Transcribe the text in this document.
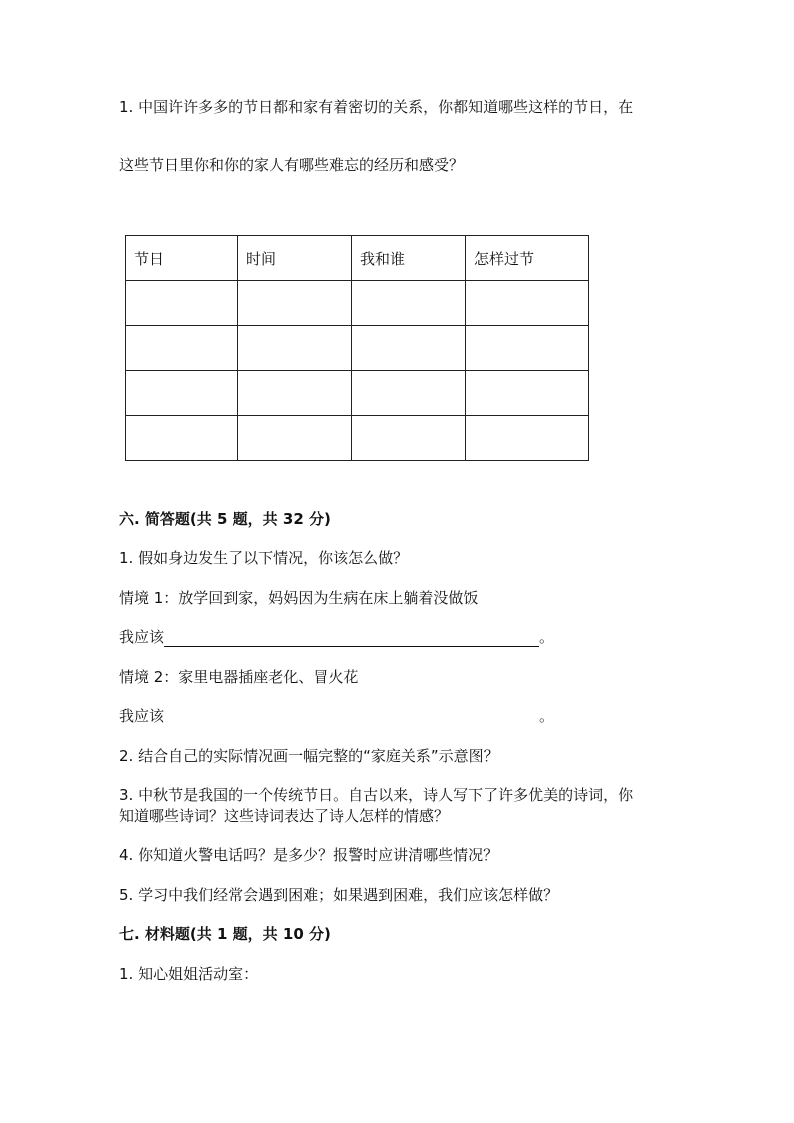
1. 中国许许多多的节日都和家有着密切的关系，你都知道哪些这样的节日，在
这些节日里你和你的家人有哪些难忘的经历和感受？
节日	时间	我和谁	怎样过节

六. 简答题(共 5 题，共 32 分)
1. 假如身边发生了以下情况，你该怎么做？
情境 1：放学回到家，妈妈因为生病在床上躺着没做饭
我应该	。
情境 2：家里电器插座老化、冒火花
我应该	。
2. 结合自己的实际情况画一幅完整的“家庭关系”示意图？
3. 中秋节是我国的一个传统节日。自古以来，诗人写下了许多优美的诗词，你
知道哪些诗词？这些诗词表达了诗人怎样的情感？
4. 你知道火警电话吗？是多少？报警时应讲清哪些情况？
5. 学习中我们经常会遇到困难；如果遇到困难，我们应该怎样做？
七. 材料题(共 1 题，共 10 分)
1. 知心姐姐活动室：
